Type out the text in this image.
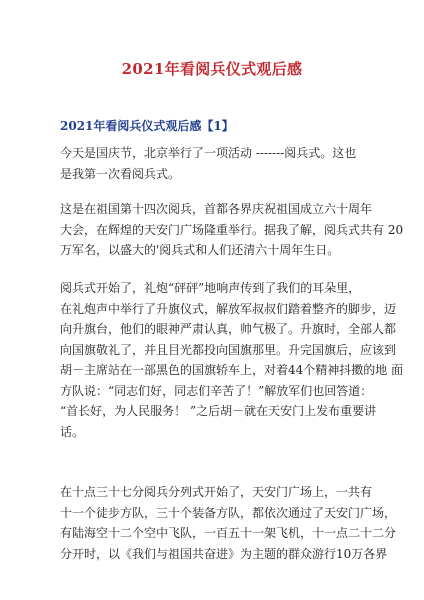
2021年看阅兵仪式观后感
2021年看阅兵仪式观后感【1】

今天是国庆节，北京举行了一项活动 -------阅兵式。这也
是我第一次看阅兵式。

这是在祖国第十四次阅兵，首都各界庆祝祖国成立六十周年
大会，在辉煌的天安门广场隆重举行。据我了解，阅兵式共有 20
万军名，以盛大的'阅兵式和人们还清六十周年生日。

阅兵式开始了，礼炮“砰砰”地响声传到了我们的耳朵里，
在礼炮声中举行了升旗仪式，解放军叔叔们踏着整齐的脚步，迈
向升旗台，他们的眼神严肃认真，帅气极了。升旗时，全部人都
向国旗敬礼了，并且目光都投向国旗那里。升完国旗后，应该到
胡－主席站在一部黑色的国旗轿车上，对着44个精神抖擞的地 面
方队说：“同志们好，同志们辛苦了！”解放军们也回答道：
“首长好，为人民服务！ ”之后胡－就在天安门上发布重要讲
话。

在十点三十七分阅兵分列式开始了，天安门广场上，一共有
十一个徒步方队，三十个装备方队，都依次通过了天安门广场，
有陆海空十二个空中飞队，一百五十一架飞机，十一点二十二分
分开时，以《我们与祖国共奋进》为主题的群众游行10万各界
